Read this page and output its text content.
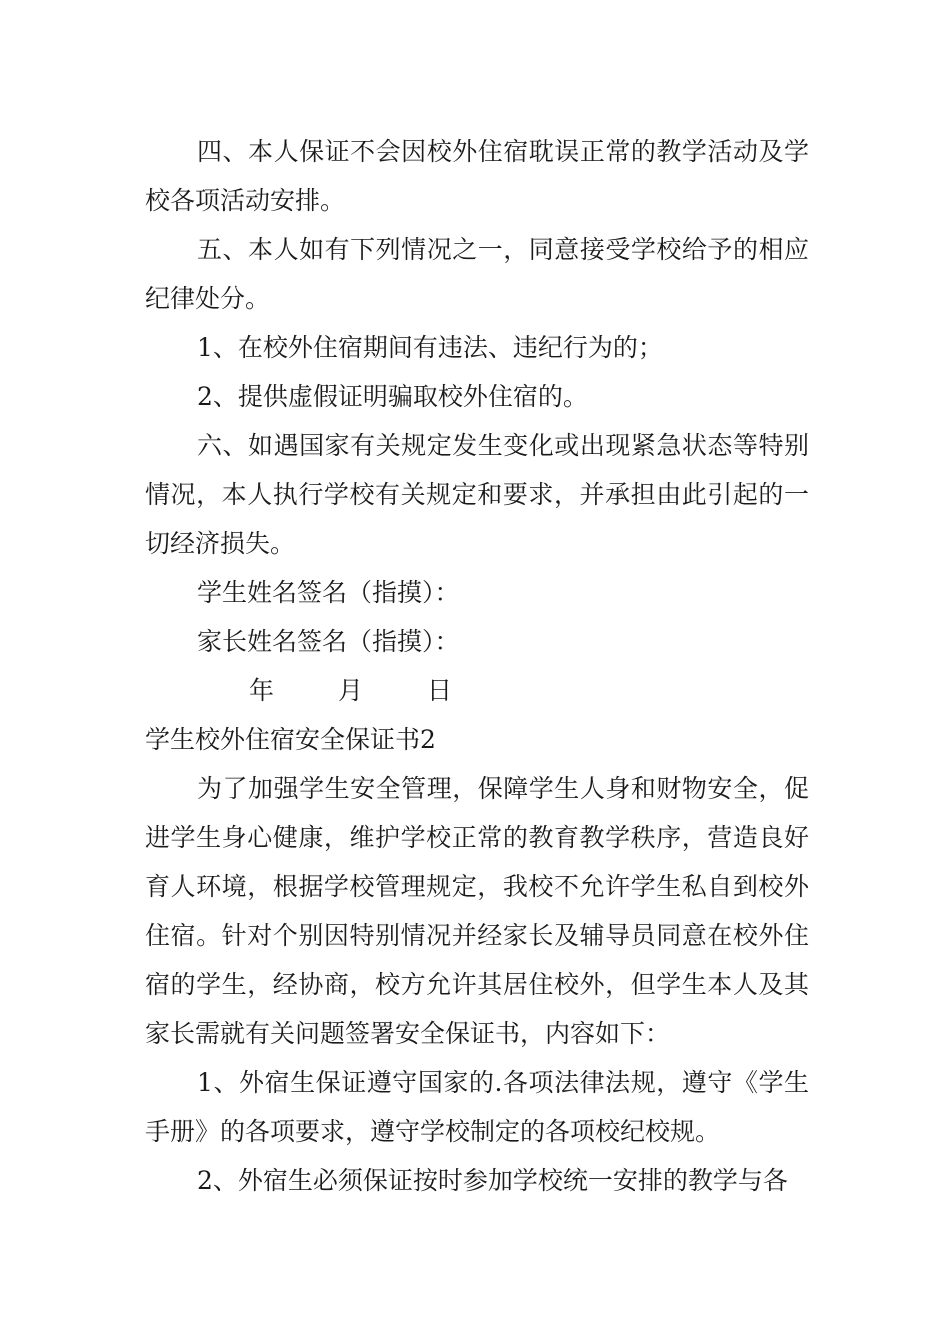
四、本人保证不会因校外住宿耽误正常的教学活动及学校各项活动安排。

五、本人如有下列情况之一，同意接受学校给予的相应纪律处分。

1、在校外住宿期间有违法、违纪行为的；

2、提供虚假证明骗取校外住宿的。

六、如遇国家有关规定发生变化或出现紧急状态等特别情况，本人执行学校有关规定和要求，并承担由此引起的一切经济损失。

学生姓名签名（指摸）：

家长姓名签名（指摸）：

年	月	日

学生校外住宿安全保证书2

为了加强学生安全管理，保障学生人身和财物安全，促进学生身心健康，维护学校正常的教育教学秩序，营造良好育人环境，根据学校管理规定，我校不允许学生私自到校外住宿。针对个别因特别情况并经家长及辅导员同意在校外住宿的学生，经协商，校方允许其居住校外，但学生本人及其家长需就有关问题签署安全保证书，内容如下：

1、外宿生保证遵守国家的.各项法律法规，遵守《学生手册》的各项要求，遵守学校制定的各项校纪校规。

2、外宿生必须保证按时参加学校统一安排的教学与各
